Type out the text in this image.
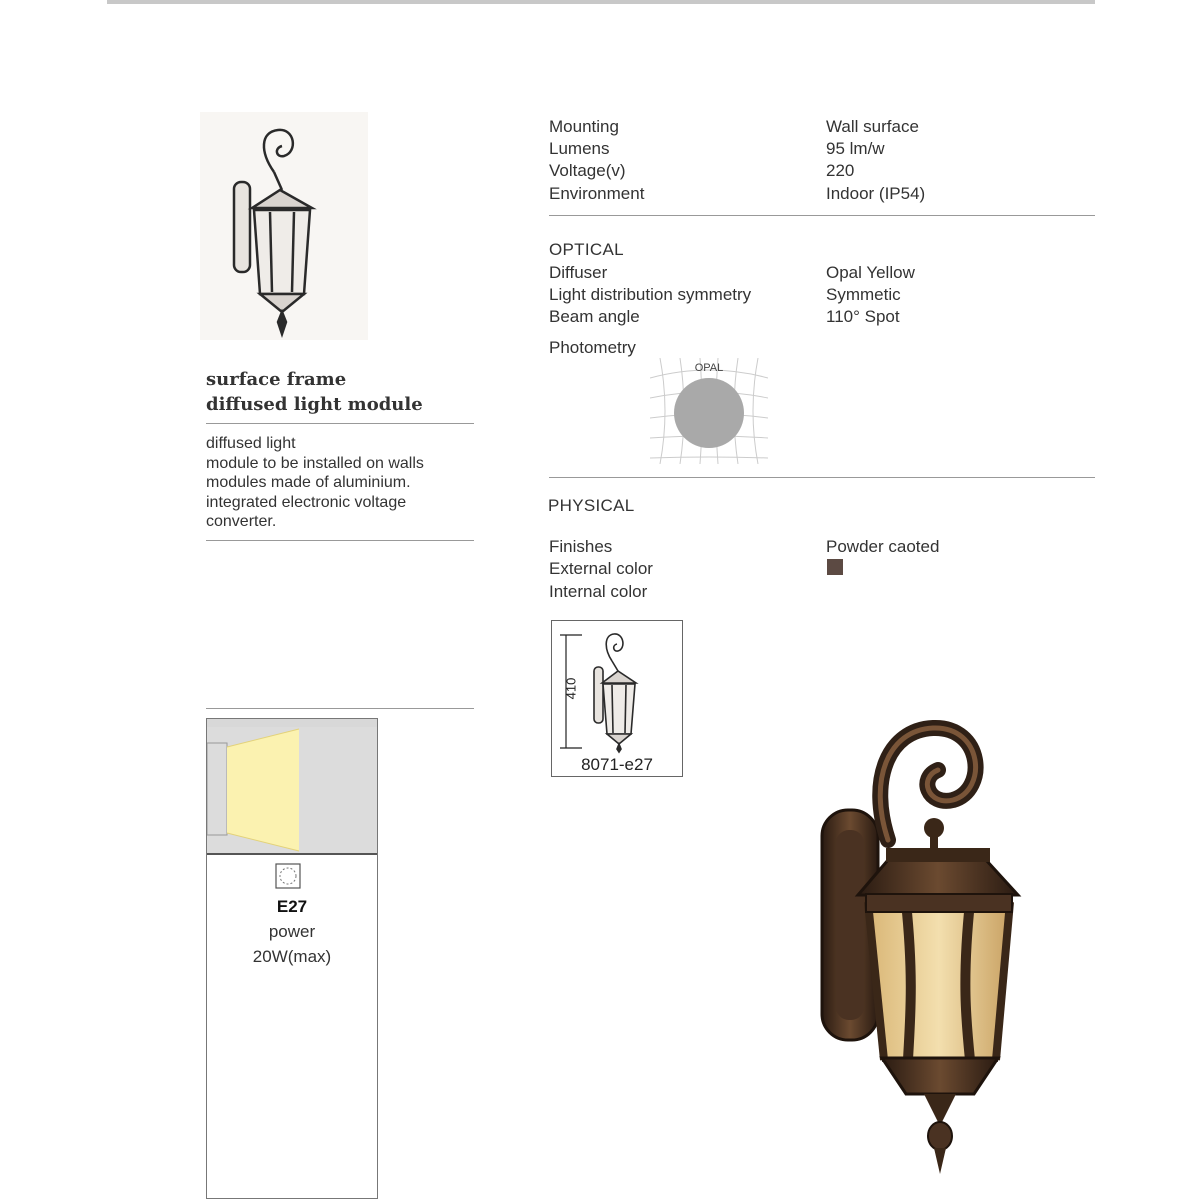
surface frame
diffused light module
diffused light
module to be installed on walls
modules made of aluminium.
integrated electronic voltage
converter.
E27
power
20W(max)
Mounting	Wall surface
Lumens	95 lm/w
Voltage(v)	220
Environment	Indoor (IP54)
OPTICAL
Diffuser	Opal Yellow
Light distribution symmetry	Symmetic
Beam angle	110° Spot
Photometry
OPAL
PHYSICAL
Finishes	Powder caoted
External color
Internal color
410
8071-e27
